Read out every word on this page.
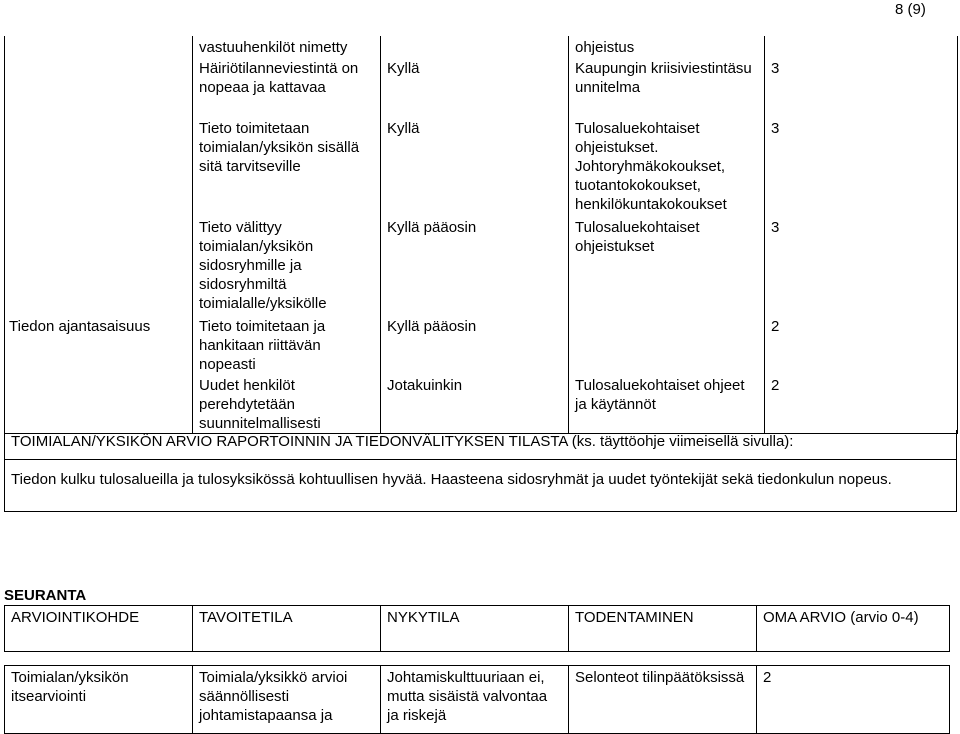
8 (9)
	vastuuhenkilöt nimetty		ohjeistus	
	Häiriötilanneviestintä on nopeaa ja kattavaa	Kyllä	Kaupungin kriisiviestintäsuunnitelma	3
	Tieto toimitetaan toimialan/yksikön sisällä sitä tarvitseville	Kyllä	Tulosaluekohtaiset ohjeistukset. Johtoryhmäkokoukset, tuotantokokoukset, henkilökuntakokoukset	3
	Tieto välittyy toimialan/yksikön sidosryhmille ja sidosryhmiltä toimialalle/yksikölle	Kyllä pääosin	Tulosaluekohtaiset ohjeistukset	3
Tiedon ajantasaisuus	Tieto toimitetaan ja hankitaan riittävän nopeasti	Kyllä pääosin		2
	Uudet henkilöt perehdytetään suunnitelmallisesti	Jotakuinkin	Tulosaluekohtaiset ohjeet ja käytännöt	2
TOIMIALAN/YKSIKÖN ARVIO RAPORTOINNIN JA TIEDONVÄLITYKSEN TILASTA (ks. täyttöohje viimeisellä sivulla):
Tiedon kulku tulosalueilla ja tulosyksikössä kohtuullisen hyvää. Haasteena sidosryhmät ja uudet työntekijät sekä tiedonkulun nopeus.
SEURANTA
ARVIOINTIKOHDE	TAVOITETILA	NYKYTILA	TODENTAMINEN	OMA ARVIO (arvio 0-4)
Toimialan/yksikön itsearviointi	Toimiala/yksikkö arvioi säännöllisesti johtamistapaansa ja	Johtamiskulttuuriaan ei, mutta sisäistä valvontaa ja riskejä	Selonteot tilinpäätöksissä	2
